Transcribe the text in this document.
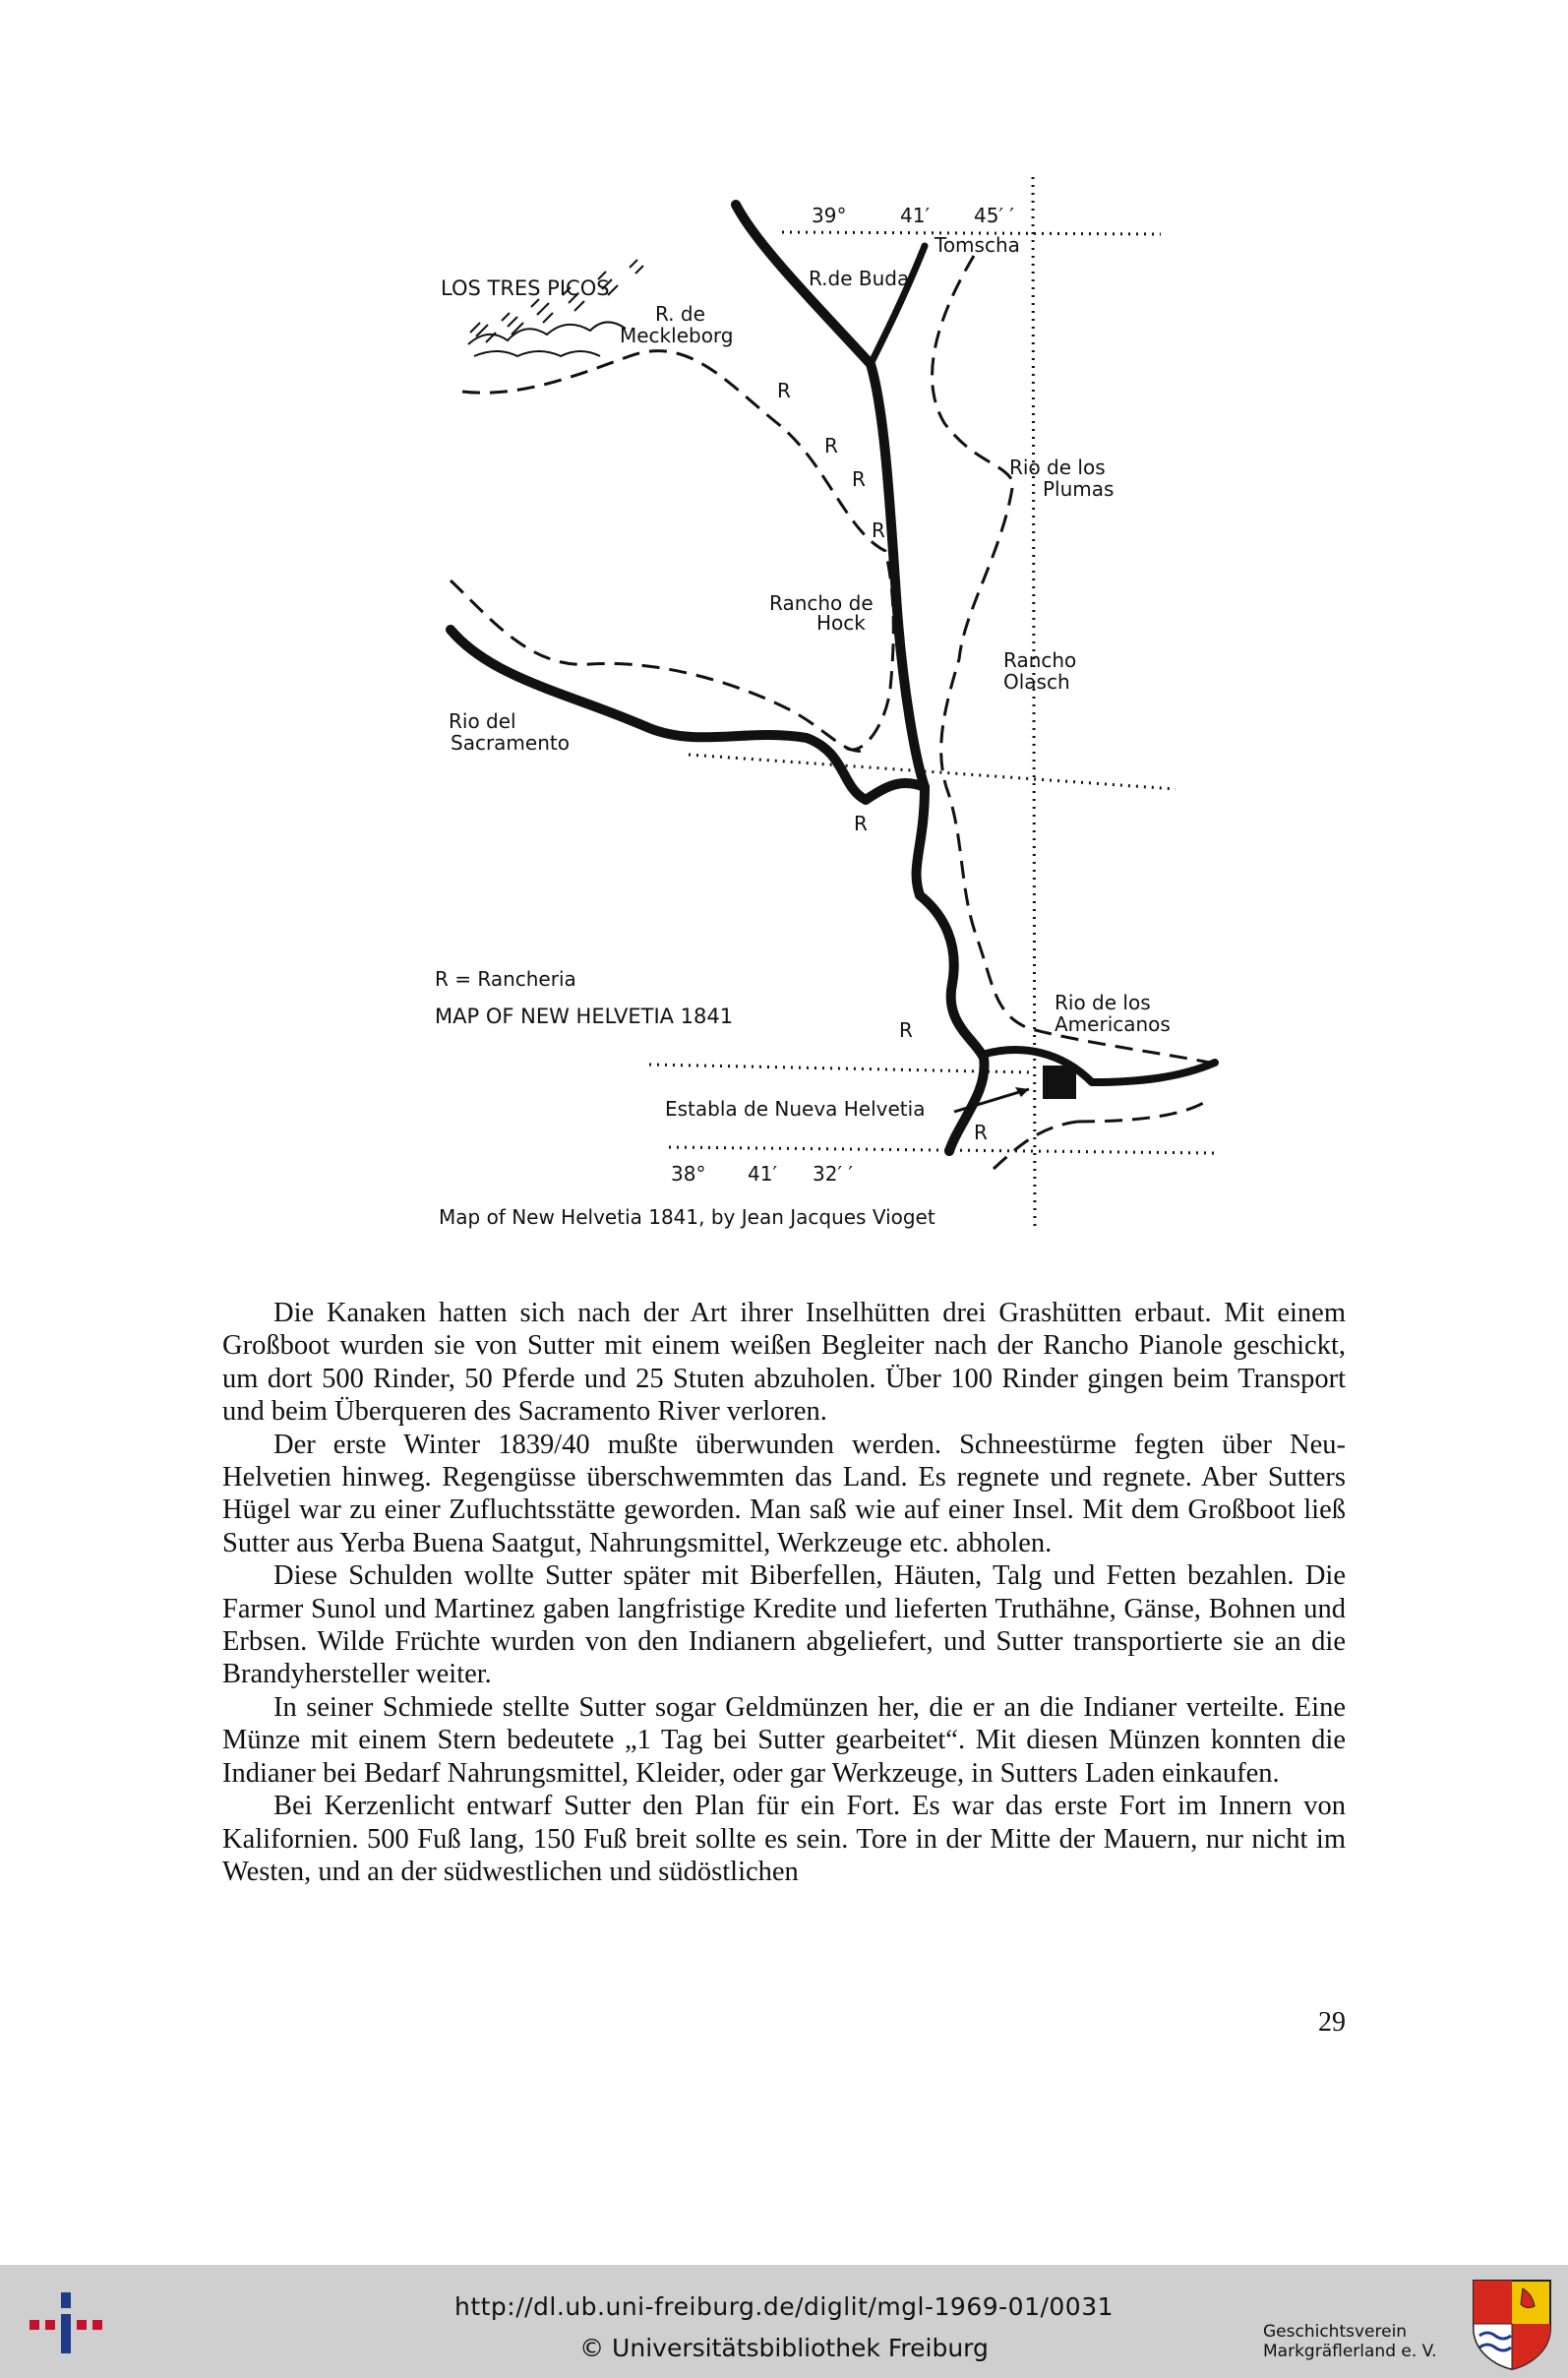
39°	41′ 45′ ′
Tomscha
R.de Buda
LOS TRES PICOS
R. de
Meckleborg
R
R
R
R
Rio de los
Plumas
Rancho de
Hock
Rancho
Olasch
Rio del
Sacramento
R
R = Rancheria
MAP OF NEW HELVETIA 1841
R
Rio de los
Americanos
Establa de Nueva Helvetia
R
38° 41′ 32′ ′
Map of New Helvetia 1841, by Jean Jacques Vioget

Die Kanaken hatten sich nach der Art ihrer Inselhütten drei Grashütten erbaut. Mit einem Großboot wurden sie von Sutter mit einem weißen Begleiter nach der Rancho Pianole geschickt, um dort 500 Rinder, 50 Pferde und 25 Stuten abzuholen. Über 100 Rinder gingen beim Transport und beim Überqueren des Sacramento River verloren.

Der erste Winter 1839/40 mußte überwunden werden. Schneestürme fegten über Neu-Helvetien hinweg. Regengüsse überschwemmten das Land. Es regnete und regnete. Aber Sutters Hügel war zu einer Zufluchtsstätte geworden. Man saß wie auf einer Insel. Mit dem Großboot ließ Sutter aus Yerba Buena Saatgut, Nahrungsmittel, Werkzeuge etc. abholen.

Diese Schulden wollte Sutter später mit Biberfellen, Häuten, Talg und Fetten bezahlen. Die Farmer Sunol und Martinez gaben langfristige Kredite und lieferten Truthähne, Gänse, Bohnen und Erbsen. Wilde Früchte wurden von den Indianern abgeliefert, und Sutter transportierte sie an die Brandyhersteller weiter.

In seiner Schmiede stellte Sutter sogar Geldmünzen her, die er an die Indianer verteilte. Eine Münze mit einem Stern bedeutete „1 Tag bei Sutter gearbeitet“. Mit diesen Münzen konnten die Indianer bei Bedarf Nahrungsmittel, Kleider, oder gar Werkzeuge, in Sutters Laden einkaufen.

Bei Kerzenlicht entwarf Sutter den Plan für ein Fort. Es war das erste Fort im Innern von Kalifornien. 500 Fuß lang, 150 Fuß breit sollte es sein. Tore in der Mitte der Mauern, nur nicht im Westen, und an der südwestlichen und südöstlichen

29
http://dl.ub.uni-freiburg.de/diglit/mgl-1969-01/0031
© Universitätsbibliothek Freiburg
Geschichtsverein
Markgräflerland e. V.
